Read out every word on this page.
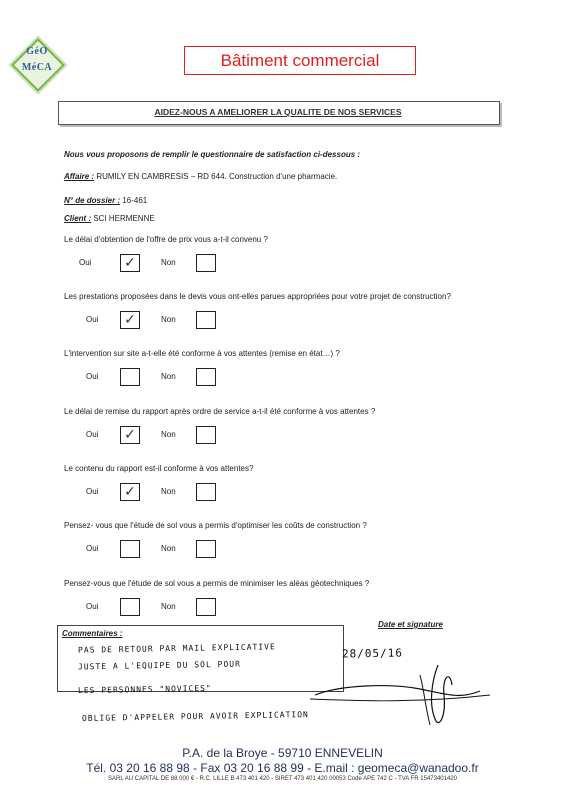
GéO
MéCA	Bâtiment commercial
AIDEZ-NOUS A AMELIORER LA QUALITE DE NOS SERVICES
Nous vous proposons de remplir le questionnaire de satisfaction ci-dessous :
Affaire : RUMILY EN CAMBRESIS – RD 644. Construction d'une pharmacie.
N° de dossier : 16-461
Client : SCI HERMENNE
Le délai d'obtention de l'offre de prix vous a-t-il convenu ?
Oui ✓	Non
Les prestations proposées dans le devis vous ont-elles parues appropriées pour votre projet de construction?
Oui ✓	Non
L'intervention sur site a-t-elle été conforme à vos attentes (remise en état…) ?
Oui	Non
Le délai de remise du rapport après ordre de service a-t-il été conforme à vos attentes ?
Oui ✓	Non
Le contenu du rapport est-il conforme à vos attentes?
Oui ✓	Non
Pensez- vous que l'étude de sol vous a permis d'optimiser les coûts de construction ?
Oui	Non
Pensez-vous que l'étude de sol vous a permis de minimiser les aléas géotechniques ?
Oui	Non
Commentaires :
PAS DE RETOUR PAR MAIL EXPLICATIVE
JUSTE A L'EQUIPE DU SOL POUR
LES PERSONNES "NOVICES"
OBLIGE D'APPELER POUR AVOIR EXPLICATION
Date et signature
28/05/16
P.A. de la Broye - 59710 ENNEVELIN
Tél. 03 20 16 88 98 - Fax 03 20 16 88 99 - E.mail : geomeca@wanadoo.fr
SARL AU CAPITAL DE 88 000 € - R.C. LILLE B 473 401 420 - SIRET 473 401 420 00053 Code APE 742 C - TVA FR 15473401420
